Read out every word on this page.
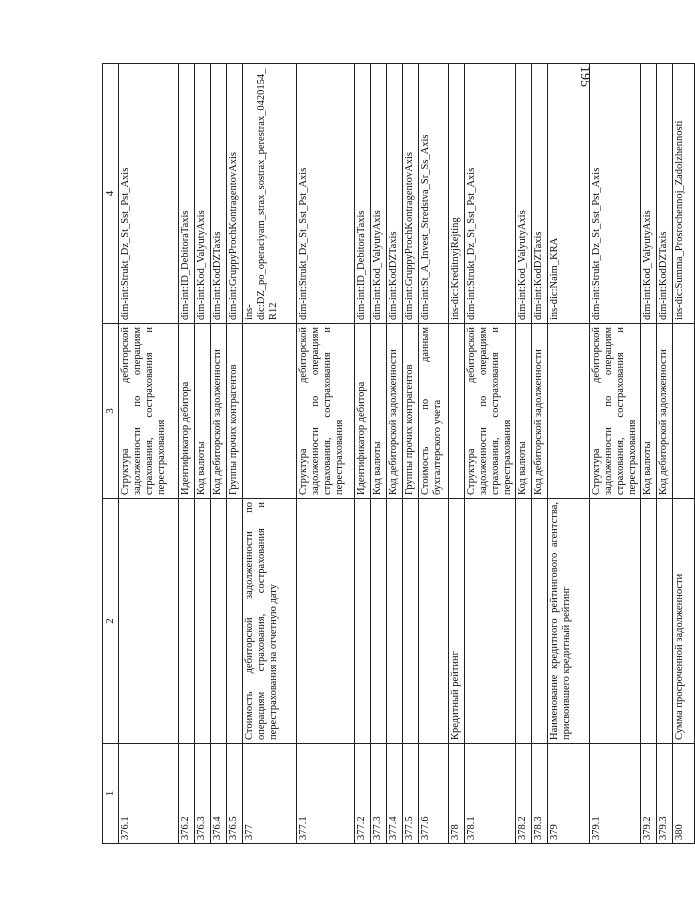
195
1	2	3	4
376.1		Структура дебиторской задолженности по операциям страхования, сострахования и перестрахования	dim-int:Strukt_Dz_St_Sst_Pst_Axis
376.2		Идентификатор дебитора	dim-int:ID_DebitoraTaxis
376.3		Код валюты	dim-int:Kod_ValyutyAxis
376.4		Код дебиторской задолженности	dim-int:KodDZTaxis
376.5		Группы прочих контрагентов	dim-int:GruppyProchKontragentovAxis
377	Стоимость дебиторской задолженности по операциям страхования, сострахования и перестрахования на отчетную дату		ins-dic:DZ_po_operaciyam_straх_sostrax_perestrax_0420154_R12
377.1		Структура дебиторской задолженности по операциям страхования, сострахования и перестрахования	dim-int:Strukt_Dz_St_Sst_Pst_Axis
377.2		Идентификатор дебитора	dim-int:ID_DebitoraTaxis
377.3		Код валюты	dim-int:Kod_ValyutyAxis
377.4		Код дебиторской задолженности	dim-int:KodDZTaxis
377.5		Группы прочих контрагентов	dim-int:GruppyProchKontragentovAxis
377.6		Стоимость по данным бухгалтерского учета	dim-int:St_A_Invest_Stredstva_Sr_Ss_Axis
378	Кредитный рейтинг		ins-dic:KreditnyjRejting
378.1		Структура дебиторской задолженности по операциям страхования, сострахования и перестрахования	dim-int:Strukt_Dz_St_Sst_Pst_Axis
378.2		Код валюты	dim-int:Kod_ValyutyAxis
378.3		Код дебиторской задолженности	dim-int:KodDZTaxis
379	Наименование кредитного рейтингового агентства, присвоившего кредитный рейтинг		ins-dic:Naim_KRA
379.1		Структура дебиторской задолженности по операциям страхования, сострахования и перестрахования	dim-int:Strukt_Dz_St_Sst_Pst_Axis
379.2		Код валюты	dim-int:Kod_ValyutyAxis
379.3		Код дебиторской задолженности	dim-int:KodDZTaxis
380	Сумма просроченной задолженности		ins-dic:Summa_Prosrochennoj_Zadolzhennosti
